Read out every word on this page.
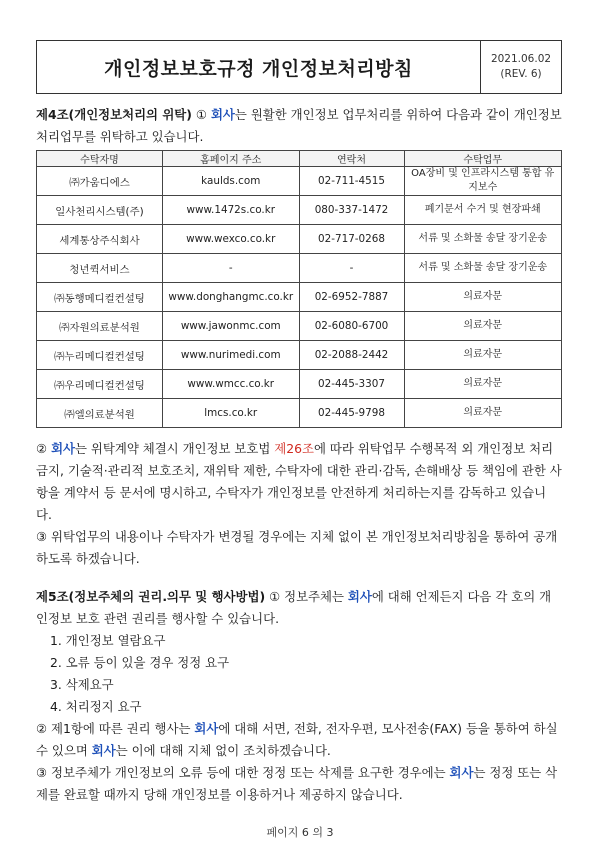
개인정보보호규정 개인정보처리방침	2021.06.02
(REV. 6)
제4조(개인정보처리의 위탁) ① 회사는 원활한 개인정보 업무처리를 위하여 다음과 같이 개인정보 처리업무를 위탁하고 있습니다.
수탁자명	홈페이지 주소	연락처	수탁업무
㈜가움디에스	kaulds.com	02-711-4515	OA장비 및 인프라시스템 통합 유지보수
일사천리시스템(주)	www.1472s.co.kr	080-337-1472	폐기문서 수거 및 현장파쇄
세계통상주식회사	www.wexco.co.kr	02-717-0268	서류 및 소화물 송달 장기운송
청년퀵서비스	-	-	서류 및 소화물 송달 장기운송
㈜동행메디컬컨설팅	www.donghangmc.co.kr	02-6952-7887	의료자문
㈜자원의료분석원	www.jawonmc.com	02-6080-6700	의료자문
㈜누리메디컬컨설팅	www.nurimedi.com	02-2088-2442	의료자문
㈜우리메디컬컨설팅	www.wmcc.co.kr	02-445-3307	의료자문
㈜엘의료분석원	lmcs.co.kr	02-445-9798	의료자문
② 회사는 위탁계약 체결시 개인정보 보호법 제26조에 따라 위탁업무 수행목적 외 개인정보 처리금지, 기술적·관리적 보호조치, 재위탁 제한, 수탁자에 대한 관리·감독, 손해배상 등 책임에 관한 사항을 계약서 등 문서에 명시하고, 수탁자가 개인정보를 안전하게 처리하는지를 감독하고 있습니다.
③ 위탁업무의 내용이나 수탁자가 변경될 경우에는 지체 없이 본 개인정보처리방침을 통하여 공개하도록 하겠습니다.
제5조(정보주체의 권리.의무 및 행사방법) ① 정보주체는 회사에 대해 언제든지 다음 각 호의 개인정보 보호 관련 권리를 행사할 수 있습니다.
1. 개인정보 열람요구
2. 오류 등이 있을 경우 정정 요구
3. 삭제요구
4. 처리정지 요구
② 제1항에 따른 권리 행사는 회사에 대해 서면, 전화, 전자우편, 모사전송(FAX) 등을 통하여 하실 수 있으며 회사는 이에 대해 지체 없이 조치하겠습니다.
③ 정보주체가 개인정보의 오류 등에 대한 정정 또는 삭제를 요구한 경우에는 회사는 정정 또는 삭제를 완료할 때까지 당해 개인정보를 이용하거나 제공하지 않습니다.
페이지 6 의 3
